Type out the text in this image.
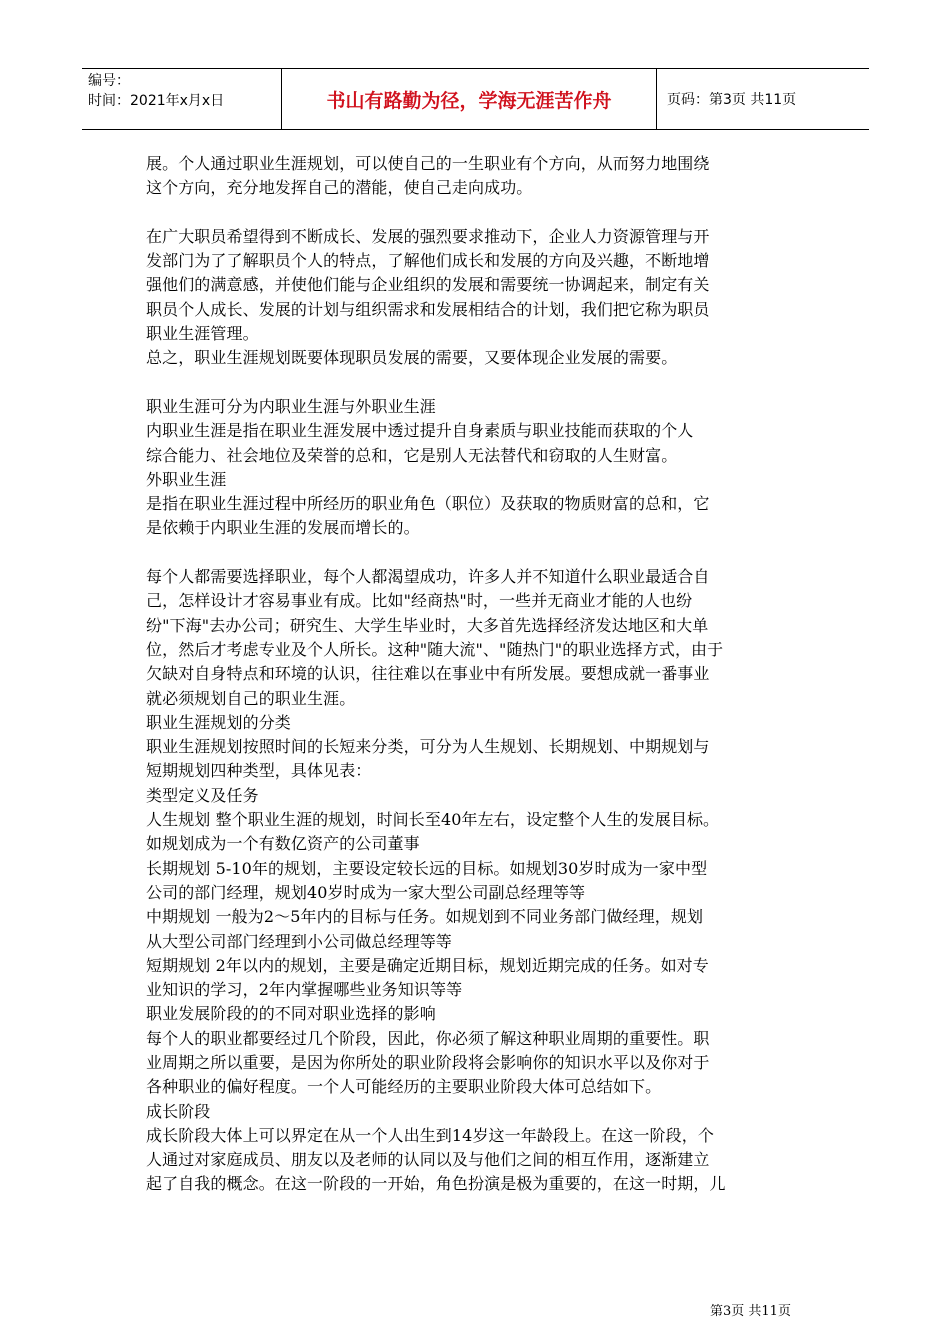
编号：
时间：2021年x月x日	书山有路勤为径，学海无涯苦作舟	页码：第3页 共11页

展。个人通过职业生涯规划，可以使自己的一生职业有个方向，从而努力地围绕

这个方向，充分地发挥自己的潜能，使自己走向成功。

在广大职员希望得到不断成长、发展的强烈要求推动下，企业人力资源管理与开

发部门为了了解职员个人的特点，了解他们成长和发展的方向及兴趣，不断地增

强他们的满意感，并使他们能与企业组织的发展和需要统一协调起来，制定有关

职员个人成长、发展的计划与组织需求和发展相结合的计划，我们把它称为职员

职业生涯管理。

总之，职业生涯规划既要体现职员发展的需要，又要体现企业发展的需要。

职业生涯可分为内职业生涯与外职业生涯

内职业生涯是指在职业生涯发展中透过提升自身素质与职业技能而获取的个人

综合能力、社会地位及荣誉的总和，它是别人无法替代和窃取的人生财富。

外职业生涯

是指在职业生涯过程中所经历的职业角色（职位）及获取的物质财富的总和，它

是依赖于内职业生涯的发展而增长的。

每个人都需要选择职业，每个人都渴望成功，许多人并不知道什么职业最适合自

己，怎样设计才容易事业有成。比如"经商热"时，一些并无商业才能的人也纷

纷"下海"去办公司；研究生、大学生毕业时，大多首先选择经济发达地区和大单

位，然后才考虑专业及个人所长。这种"随大流"、"随热门"的职业选择方式，由于

欠缺对自身特点和环境的认识，往往难以在事业中有所发展。要想成就一番事业

就必须规划自己的职业生涯。

职业生涯规划的分类

职业生涯规划按照时间的长短来分类，可分为人生规划、长期规划、中期规划与

短期规划四种类型，具体见表：

类型定义及任务

人生规划 整个职业生涯的规划，时间长至40年左右，设定整个人生的发展目标。

如规划成为一个有数亿资产的公司董事

长期规划 5-10年的规划，主要设定较长远的目标。如规划30岁时成为一家中型

公司的部门经理，规划40岁时成为一家大型公司副总经理等等

中期规划 一般为2～5年内的目标与任务。如规划到不同业务部门做经理，规划

从大型公司部门经理到小公司做总经理等等

短期规划 2年以内的规划，主要是确定近期目标，规划近期完成的任务。如对专

业知识的学习，2年内掌握哪些业务知识等等

职业发展阶段的的不同对职业选择的影响

每个人的职业都要经过几个阶段，因此，你必须了解这种职业周期的重要性。职

业周期之所以重要，是因为你所处的职业阶段将会影响你的知识水平以及你对于

各种职业的偏好程度。一个人可能经历的主要职业阶段大体可总结如下。

成长阶段

成长阶段大体上可以界定在从一个人出生到14岁这一年龄段上。在这一阶段，个

人通过对家庭成员、朋友以及老师的认同以及与他们之间的相互作用，逐渐建立

起了自我的概念。在这一阶段的一开始，角色扮演是极为重要的，在这一时期，儿

第3页 共11页
